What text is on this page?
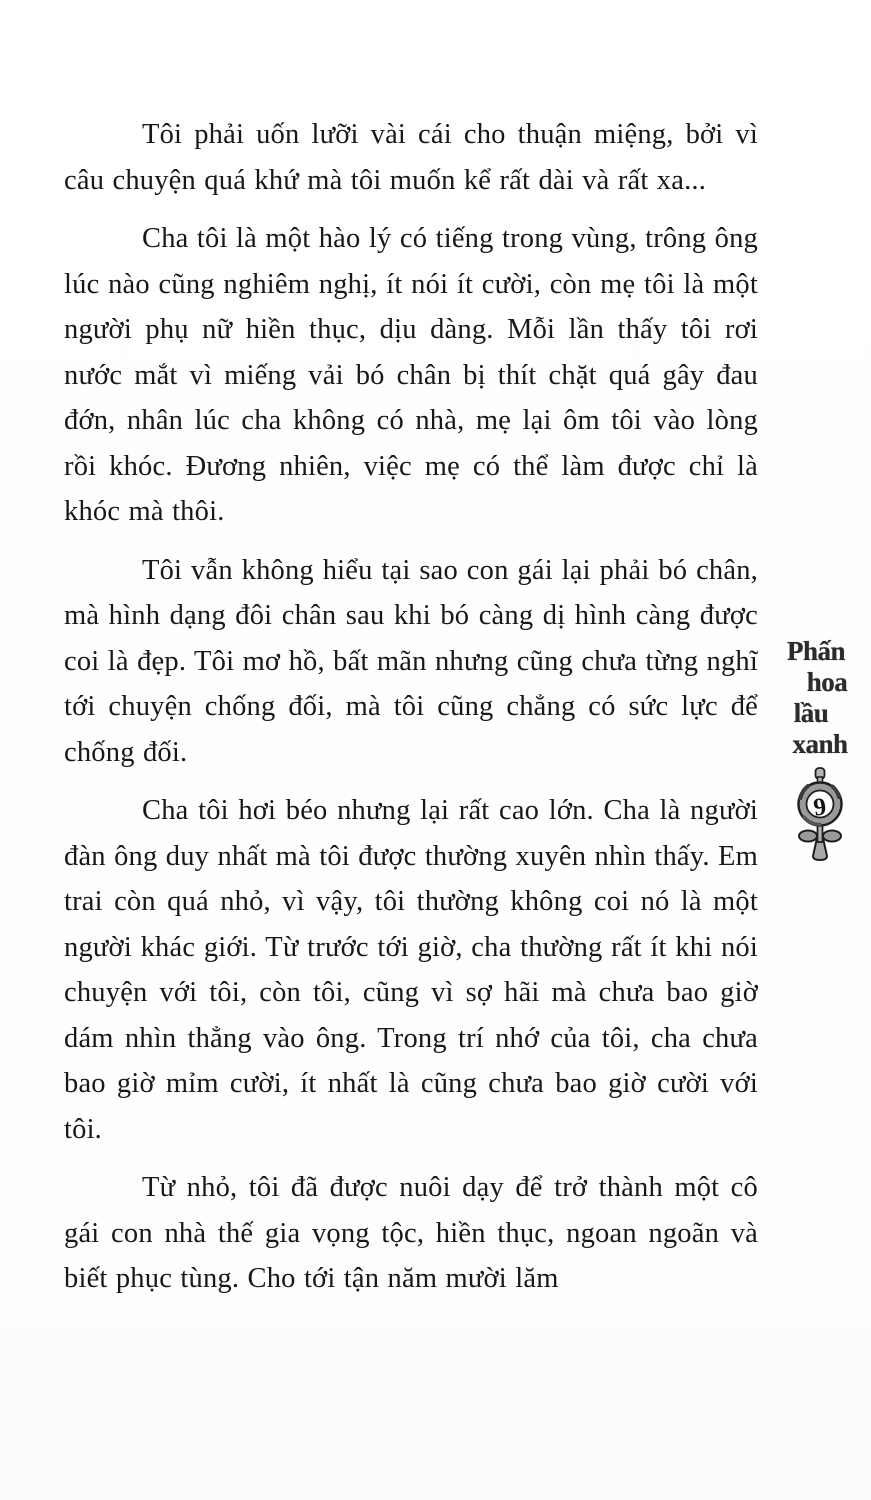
Tôi phải uốn lưỡi vài cái cho thuận miệng, bởi vì câu chuyện quá khứ mà tôi muốn kể rất dài và rất xa...

Cha tôi là một hào lý có tiếng trong vùng, trông ông lúc nào cũng nghiêm nghị, ít nói ít cười, còn mẹ tôi là một người phụ nữ hiền thục, dịu dàng. Mỗi lần thấy tôi rơi nước mắt vì miếng vải bó chân bị thít chặt quá gây đau đớn, nhân lúc cha không có nhà, mẹ lại ôm tôi vào lòng rồi khóc. Đương nhiên, việc mẹ có thể làm được chỉ là khóc mà thôi.

Tôi vẫn không hiểu tại sao con gái lại phải bó chân, mà hình dạng đôi chân sau khi bó càng dị hình càng được coi là đẹp. Tôi mơ hồ, bất mãn nhưng cũng chưa từng nghĩ tới chuyện chống đối, mà tôi cũng chẳng có sức lực để chống đối.

Cha tôi hơi béo nhưng lại rất cao lớn. Cha là người đàn ông duy nhất mà tôi được thường xuyên nhìn thấy. Em trai còn quá nhỏ, vì vậy, tôi thường không coi nó là một người khác giới. Từ trước tới giờ, cha thường rất ít khi nói chuyện với tôi, còn tôi, cũng vì sợ hãi mà chưa bao giờ dám nhìn thẳng vào ông. Trong trí nhớ của tôi, cha chưa bao giờ mỉm cười, ít nhất là cũng chưa bao giờ cười với tôi.

Từ nhỏ, tôi đã được nuôi dạy để trở thành một cô gái con nhà thế gia vọng tộc, hiền thục, ngoan ngoãn và biết phục tùng. Cho tới tận năm mười lăm

Phấn
hoa
lầu
xanh
9
